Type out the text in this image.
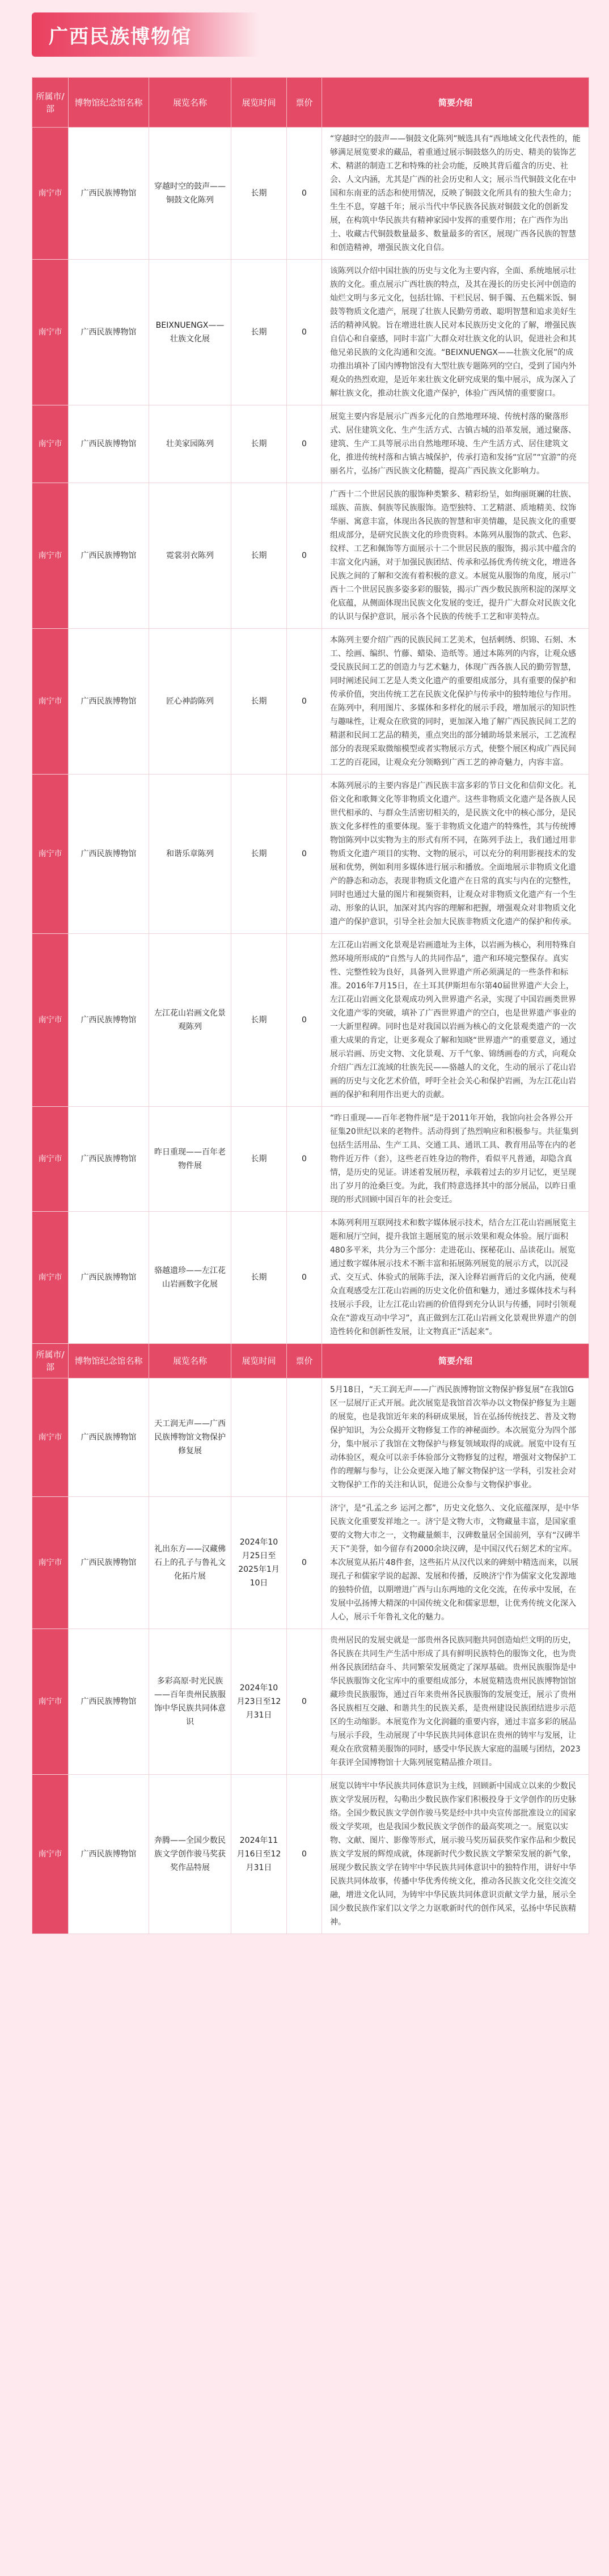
广西民族博物馆
所属市/部	博物馆纪念馆名称	展览名称	展览时间	票价	简要介绍
南宁市	广西民族博物馆	穿越时空的鼓声——铜鼓文化陈列	长期	0	“穿越时空的鼓声——铜鼓文化陈列”贼选具有“西地域文化代表性的，能够满足展览要求的藏品，着重通过展示铜鼓悠久的历史、精美的装饰艺术、精湛的制造工艺和特殊的社会功能，反映其背后蕴含的历史、社会、人文内涵，尤其是广西的社会历史和人文；展示当代铜鼓文化在中国和东南亚的活态和使用情况，反映了铜鼓文化所具有的独大生命力；生生不息，穿越千年；展示当代中华民族各民族对铜鼓文化的创新发展，在构筑中华民族共有精神家园中发挥的重要作用；在广西作为出土、收藏古代铜鼓数量最多、数量最多的省区，展现广西各民族的智慧和创造精神，增强民族文化自信。
南宁市	广西民族博物馆	BEIXNUENGX——壮族文化展	长期	0	该陈列以介绍中国壮族的历史与文化为主要内容，全面、系统地展示壮族的文化。重点展示广西壮族的特点，及其在漫长的历史长河中创造的灿烂文明与多元文化，包括壮锦、干栏民居、铜手镯、五色糯米饭、铜鼓等物质文化遗产，展现了壮族人民勤劳勇敢、聪明智慧和追求美好生活的精神风貌。旨在增进壮族人民对本民族历史文化的了解，增强民族自信心和自豪感，同时丰富广大群众对壮族文化的认识，促进社会和其他兄弟民族的文化沟通和交流。“BEIXNUENGX——壮族文化展”的成功推出填补了国内博物馆没有大型壮族专题陈列的空白，受到了国内外观众的热烈欢迎，是近年来壮族文化研究成果的集中展示，成为深入了解壮族文化，推动壮族文化遗产保护，体验广西风情的重要窗口。
南宁市	广西民族博物馆	壮美家园陈列	长期	0	展览主要内容是展示广西多元化的自然地理环境、传统村落的聚落形式、居住建筑文化、生产生活方式、古镇古城的沿革发展，通过聚落、建筑、生产工具等展示出自然地理环境、生产生活方式、居住建筑文化，推进传统村落和古镇古城保护，传承打造和发扬“宜居”“宜游”的亮丽名片，弘扬广西民族文化精髓，提高广西民族文化影响力。
南宁市	广西民族博物馆	霓裳羽衣陈列	长期	0	广西十二个世居民族的服饰种类繁多、精彩纷呈，如绚丽斑斓的壮族、瑶族、苗族、侗族等民族服饰。造型独特、工艺精湛、质地精美、纹饰华丽、寓意丰富，体现出各民族的智慧和审美情趣，是民族文化的重要组成部分，是研究民族文化的珍贵资料。本陈列从服饰的款式、色彩、纹样、工艺和佩饰等方面展示十二个世居民族的服饰，揭示其中蕴含的丰富文化内涵，对于加强民族团结、传承和弘扬优秀传统文化，增进各民族之间的了解和交流有着积极的意义。本展览从服饰的角度，展示广西十二个世居民族多姿多彩的服装，揭示广西少数民族所积淀的深厚文化底蕴，从侧面体现出民族文化发展的变迁，提升广大群众对民族文化的认识与保护意识，展示各个民族的传统手工艺和审美特点。
南宁市	广西民族博物馆	匠心神韵陈列	长期	0	本陈列主要介绍广西的民族民间工艺美术，包括刺绣、织锦、石刻、木工、绘画、编织、竹藤、蜡染、造纸等。通过本陈列的内容，让观众感受民族民间工艺的创造力与艺术魅力，体现广西各族人民的勤劳智慧，同时阐述民间工艺是人类文化遗产的重要组成部分，具有重要的保护和传承价值，突出传统工艺在民族文化保护与传承中的独特地位与作用。在陈列中，利用图片、多媒体和多样化的展示手段，增加展示的知识性与趣味性，让观众在欣赏的同时，更加深入地了解广西民族民间工艺的精湛和民间工艺品的精美，重点突出的部分辅助场景来展示，工艺流程部分的表现采取微缩模型或者实物展示方式，使整个展区构成广西民间工艺的百花园，让观众充分领略到广西工艺的神奇魅力，内容丰富。
南宁市	广西民族博物馆	和谐乐章陈列	长期	0	本陈列展示的主要内容是广西民族丰富多彩的节日文化和信仰文化。礼俗文化和歌舞文化等非物质文化遗产。这些非物质文化遗产是各族人民世代相承的、与群众生活密切相关的，是民族文化中的核心部分，是民族文化多样性的重要体现。鉴于非物质文化遗产的特殊性，其与传统博物馆陈列中以实物为主的形式有所不同，在陈列手法上，我们通过用非物质文化遗产项目的实物、文物的展示，可以充分的利用影视技术的发展和优势，例如利用多媒体进行展示和播放。全面地展示非物质文化遗产的静态和动态，表现非物质文化遗产在日常的真实与内在的完整性，同时也通过大量的图片和视频资料，让观众对非物质文化遗产有一个生动、形象的认识，加深对其内容的理解和把握，增强观众对非物质文化遗产的保护意识，引导全社会加大民族非物质文化遗产的保护和传承。
南宁市	广西民族博物馆	左江花山岩画文化景观陈列	长期	0	左江花山岩画文化景观是岩画遗址为主体，以岩画为核心，利用特殊自然环境所形成的“自然与人的共同作品”，遗产和环境完整保存。真实性、完整性较为良好，具备列入世界遗产所必须满足的一些条件和标准。2016年7月15日，在土耳其伊斯坦布尔第40届世界遗产大会上，左江花山岩画文化景观成功列入世界遗产名录，实现了中国岩画类世界文化遗产零的突破，填补了广西世界遗产的空白，也是世界遗产事业的一大新里程碑。同时也是对我国以岩画为核心的文化景观类遗产的一次重大成果的肯定，让更多观众了解和知晓“世界遗产”的重要意义，通过展示岩画、历史文物、文化景观、万千气象、锦绣画卷的方式，向观众介绍广西左江流域的壮族先民——骆越人的文化，生动的展示了花山岩画的历史与文化艺术价值，呼吁全社会关心和保护岩画，为左江花山岩画的保护和利用作出更大的贡献。
南宁市	广西民族博物馆	昨日重现——百年老物件展	长期	0	“昨日重现——百年老物件展”是于2011年开始，我馆向社会各界公开征集20世纪以来的老物件。活动得到了热烈响应和积极参与。共征集到包括生活用品、生产工具、交通工具、通讯工具、教育用品等在内的老物件近万件（套），这些老百姓身边的物件，看似平凡普通，却隐含真情，是历史的见证。讲述着发展历程，承载着过去的岁月记忆，更呈现出了岁月的沧桑巨变。为此，我们特意选择其中的部分展品，以昨日重现的形式回顾中国百年的社会变迁。
南宁市	广西民族博物馆	骆越遗珍——左江花山岩画数字化展	长期	0	本陈列利用互联网技术和数字媒体展示技术，结合左江花山岩画展览主题和展厅空间，提升我馆主题展览的展示效果和观众体验。展厅面积480多平米，共分为三个部分：走进花山、探秘花山、品读花山。展览通过数字媒体展示技术不断丰富和拓展陈列展览的展示方式，以沉浸式、交互式、体验式的展陈手法，深入诠释岩画背后的文化内涵，使观众直观感受左江花山岩画的历史文化价值和魅力，通过多媒体技术与科技展示手段，让左江花山岩画的价值得到充分认识与传播，同时引领观众在“游戏互动中学习”，真正做到左江花山岩画文化景观世界遗产的创造性转化和创新性发展，让文物真正“活起来”。
所属市/部	博物馆纪念馆名称	展览名称	展览时间	票价	简要介绍
南宁市	广西民族博物馆	天工润无声——广西民族博物馆文物保护修复展			5月18日，“天工润无声——广西民族博物馆文物保护修复展”在我馆G区一层展厅正式开展。此次展览是我馆首次举办以文物保护修复为主题的展览，也是我馆近年来的科研成果展，旨在弘扬传统技艺、普及文物保护知识，为公众揭开文物修复工作的神秘面纱。本次展览分为四个部分，集中展示了我馆在文物保护与修复领域取得的成就。展览中设有互动体验区，观众可以亲手体验部分文物修复的过程，增强对文物保护工作的理解与参与，让公众更深入地了解文物保护这一学科，引发社会对文物保护工作的关注和认识，促进公众参与文物保护事业。
南宁市	广西民族博物馆	礼出东方——汉藏佛石上的孔子与鲁礼文化拓片展	2024年10月25日至2025年1月10日	0	济宁，是“孔孟之乡 运河之都”，历史文化悠久、文化底蕴深厚，是中华民族文化重要发祥地之一。济宁是文物大市，文物藏量丰富，是国家重要的文物大市之一，文物藏量颇丰，汉碑数量居全国前列，享有“汉碑半天下”美誉，如今留存有2000余块汉碑，是中国汉代石刻艺术的宝库。本次展览从拓片48件套，这些拓片从汉代以来的碑刻中精选而来，以展现孔子和儒家学说的起源、发展和传播，反映济宁作为儒家文化发源地的独特价值，以期增进广西与山东两地的文化交流，在传承中发展，在发展中弘扬博大精深的中国传统文化和儒家思想，让优秀传统文化深入人心，展示千年鲁礼文化的魅力。
南宁市	广西民族博物馆	多彩高原·时光民族——百年贵州民族服饰中华民族共同体意识	2024年10月23日至12月31日	0	贵州居民的发展史就是一部贵州各民族同胞共同创造灿烂文明的历史，各民族在共同生产生活中形成了具有鲜明民族特色的服饰文化，也为贵州各民族团结奋斗、共同繁荣发展奠定了深厚基础。贵州民族服饰是中华民族服饰文化宝库中的重要组成部分，本展览精选贵州民族博物馆馆藏珍贵民族服饰，通过百年来贵州各民族服饰的发展变迁，展示了贵州各民族相互交融、和谐共生的民族关系，是贵州建设民族团结进步示范区的生动缩影。本展览作为文化润疆的重要内容，通过丰富多彩的展品与展示手段，生动展现了中华民族共同体意识在贵州的铸牢与发展，让观众在欣赏精美服饰的同时，感受中华民族大家庭的温暖与团结，2023年获评全国博物馆十大陈列展览精品推介项目。
南宁市	广西民族博物馆	奔腾——全国少数民族文学创作骏马奖获奖作品特展	2024年11月16日至12月31日	0	展览以铸牢中华民族共同体意识为主线，回顾新中国成立以来的少数民族文学发展历程，勾勒出少数民族作家们积极投身于文学创作的历史脉络。全国少数民族文学创作骏马奖是经中共中央宣传部批准设立的国家级文学奖项，也是我国少数民族文学创作的最高奖项之一。展览以实物、文献、图片、影像等形式，展示骏马奖历届获奖作家作品和少数民族文学发展的辉煌成就，体现新时代少数民族文学繁荣发展的新气象，展现少数民族文学在铸牢中华民族共同体意识中的独特作用，讲好中华民族共同体故事，传播中华优秀传统文化，推动各民族文化交往交流交融，增进文化认同，为铸牢中华民族共同体意识贡献文学力量，展示全国少数民族作家们以文学之力讴歌新时代的创作风采，弘扬中华民族精神。
